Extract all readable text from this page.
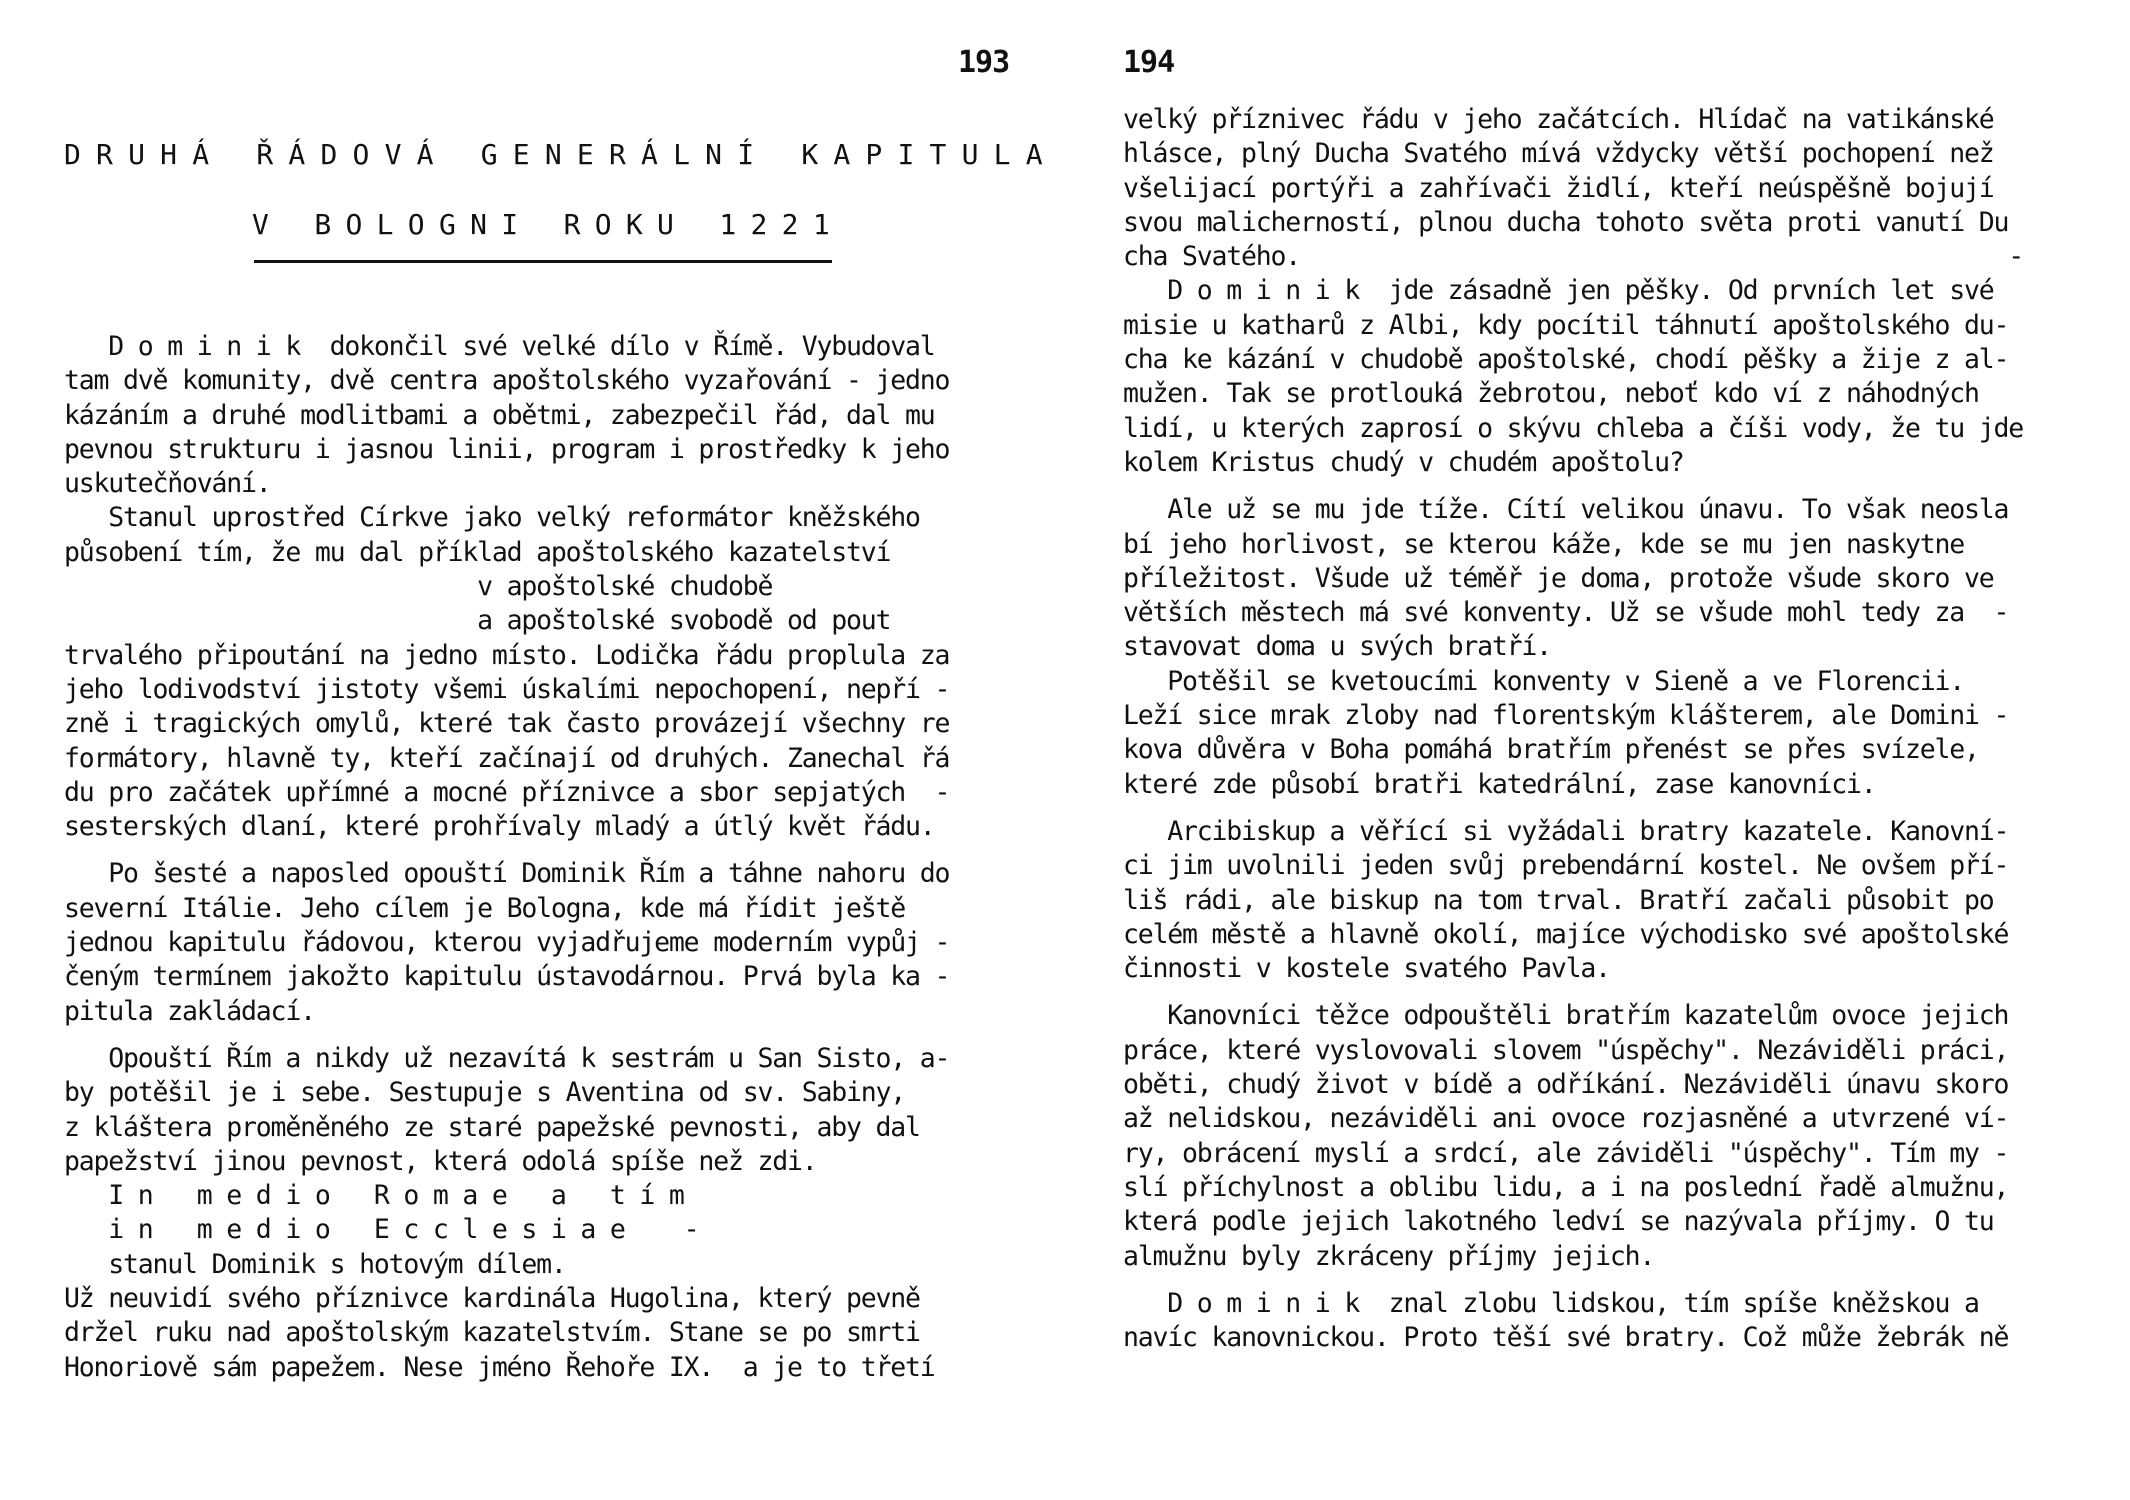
193
DRUHÁ ŘÁDOVÁ GENERÁLNÍ KAPITULA
V BOLOGNI ROKU 1221
D o m i n i k  dokončil své velké dílo v Římě. Vybudoval
tam dvě komunity, dvě centra apoštolského vyzařování - jedno
kázáním a druhé modlitbami a obětmi, zabezpečil řád, dal mu
pevnou strukturu i jasnou linii, program i prostředky k jeho
uskutečňování.
Stanul uprostřed Církve jako velký reformátor kněžského
působení tím, že mu dal příklad apoštolského kazatelství
v apoštolské chudobě
a apoštolské svobodě od pout
trvalého připoutání na jedno místo. Lodička řádu proplula za
jeho lodivodství jistoty všemi úskalími nepochopení, nepří -
zně i tragických omylů, které tak často provázejí všechny re
formátory, hlavně ty, kteří začínají od druhých. Zanechal řá
du pro začátek upřímné a mocné příznivce a sbor sepjatých  -
sesterských dlaní, které prohřívaly mladý a útlý květ řádu.
Po šesté a naposled opouští Dominik Řím a táhne nahoru do
severní Itálie. Jeho cílem je Bologna, kde má řídit ještě
jednou kapitulu řádovou, kterou vyjadřujeme moderním vypůj -
čeným termínem jakožto kapitulu ústavodárnou. Prvá byla ka -
pitula zakládací.
Opouští Řím a nikdy už nezavítá k sestrám u San Sisto, a-
by potěšil je i sebe. Sestupuje s Aventina od sv. Sabiny,
z kláštera proměněného ze staré papežské pevnosti, aby dal
papežství jinou pevnost, která odolá spíše než zdi.
I n   m e d i o   R o m a e   a   t í m
i n   m e d i o   E c c l e s i a e    -
stanul Dominik s hotovým dílem.
Už neuvidí svého příznivce kardinála Hugolina, který pevně
držel ruku nad apoštolským kazatelstvím. Stane se po smrti
Honoriově sám papežem. Nese jméno Řehoře IX.  a je to třetí
194
velký příznivec řádu v jeho začátcích. Hlídač na vatikánské
hlásce, plný Ducha Svatého mívá vždycky větší pochopení než
všelijací portýři a zahřívači židlí, kteří neúspěšně bojují
svou malicherností, plnou ducha tohoto světa proti vanutí Du
cha Svatého.                                                -
D o m i n i k  jde zásadně jen pěšky. Od prvních let své
misie u katharů z Albi, kdy pocítil táhnutí apoštolského du-
cha ke kázání v chudobě apoštolské, chodí pěšky a žije z al-
mužen. Tak se protlouká žebrotou, neboť kdo ví z náhodných
lidí, u kterých zaprosí o skývu chleba a číši vody, že tu jde
kolem Kristus chudý v chudém apoštolu?
Ale už se mu jde tíže. Cítí velikou únavu. To však neosla
bí jeho horlivost, se kterou káže, kde se mu jen naskytne
příležitost. Všude už téměř je doma, protože všude skoro ve
větších městech má své konventy. Už se všude mohl tedy za  -
stavovat doma u svých bratří.
Potěšil se kvetoucími konventy v Sieně a ve Florencii.
Leží sice mrak zloby nad florentským klášterem, ale Domini -
kova důvěra v Boha pomáhá bratřím přenést se přes svízele,
které zde působí bratři katedrální, zase kanovníci.
Arcibiskup a věřící si vyžádali bratry kazatele. Kanovní-
ci jim uvolnili jeden svůj prebendární kostel. Ne ovšem pří-
liš rádi, ale biskup na tom trval. Bratří začali působit po
celém městě a hlavně okolí, majíce východisko své apoštolské
činnosti v kostele svatého Pavla.
Kanovníci těžce odpouštěli bratřím kazatelům ovoce jejich
práce, které vyslovovali slovem "úspěchy". Nezáviděli práci,
oběti, chudý život v bídě a odříkání. Nezáviděli únavu skoro
až nelidskou, nezáviděli ani ovoce rozjasněné a utvrzené ví-
ry, obrácení myslí a srdcí, ale záviděli "úspěchy". Tím my -
slí příchylnost a oblibu lidu, a i na poslední řadě almužnu,
která podle jejich lakotného ledví se nazývala příjmy. O tu
almužnu byly zkráceny příjmy jejich.
D o m i n i k  znal zlobu lidskou, tím spíše kněžskou a
navíc kanovnickou. Proto těší své bratry. Což může žebrák ně
